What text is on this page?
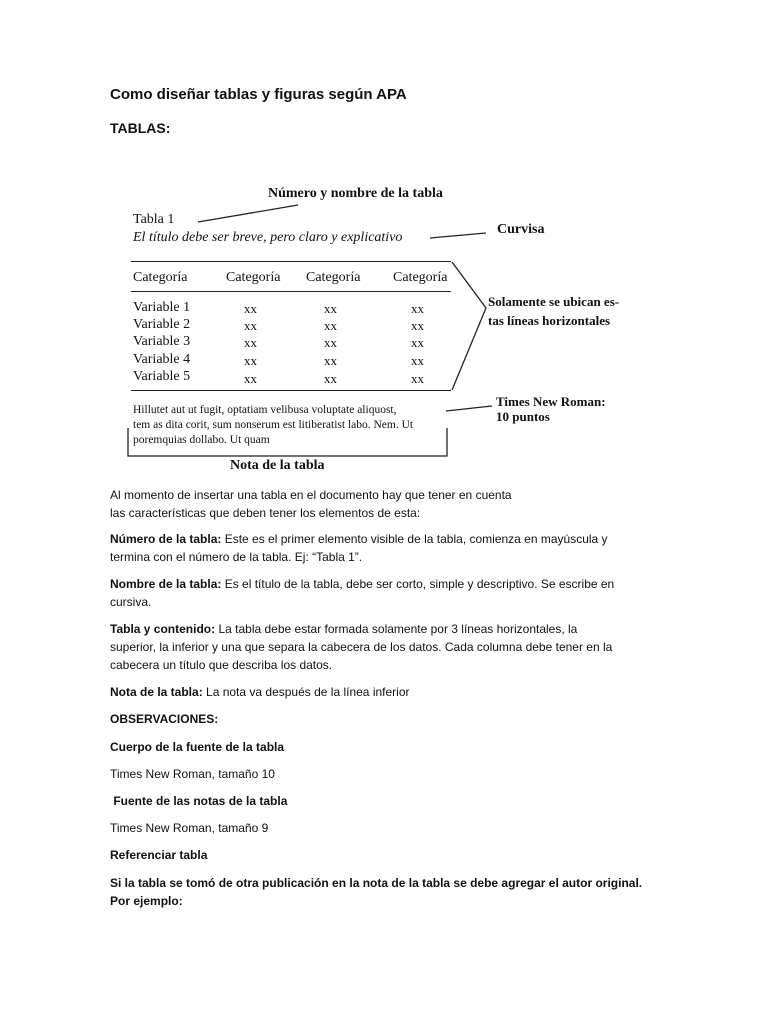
Como diseñar tablas y figuras según APA
TABLAS:
Número y nombre de la tabla
Curvisa
Solamente se ubican es-
tas líneas horizontales
Times New Roman:
10 puntos
Nota de la tabla
Tabla 1
El título debe ser breve, pero claro y explicativo
Categoría	Categoría Categoría Categoría
Variable 1	xx	xx	xx
Variable 2	xx	xx	xx
Variable 3	xx	xx	xx
Variable 4	xx	xx	xx
Variable 5	xx	xx	xx
Hillutet aut ut fugit, optatiam velibusa voluptate aliquost,
tem as dita corit, sum nonserum est litiberatist labo. Nem. Ut
poremquias dollabo. Ut quam
Al momento de insertar una tabla en el documento hay que tener en cuenta
las características que deben tener los elementos de esta:
Número de la tabla: Este es el primer elemento visible de la tabla, comienza en mayúscula y
termina con el número de la tabla. Ej: “Tabla 1”.
Nombre de la tabla: Es el título de la tabla, debe ser corto, simple y descriptivo. Se escribe en
cursiva.
Tabla y contenido: La tabla debe estar formada solamente por 3 líneas horizontales, la
superior, la inferior y una que separa la cabecera de los datos. Cada columna debe tener en la
cabecera un título que describa los datos.
Nota de la tabla: La nota va después de la línea inferior
OBSERVACIONES:
Cuerpo de la fuente de la tabla
Times New Roman, tamaño 10
Fuente de las notas de la tabla
Times New Roman, tamaño 9
Referenciar tabla
Si la tabla se tomó de otra publicación en la nota de la tabla se debe agregar el autor original.
Por ejemplo:
